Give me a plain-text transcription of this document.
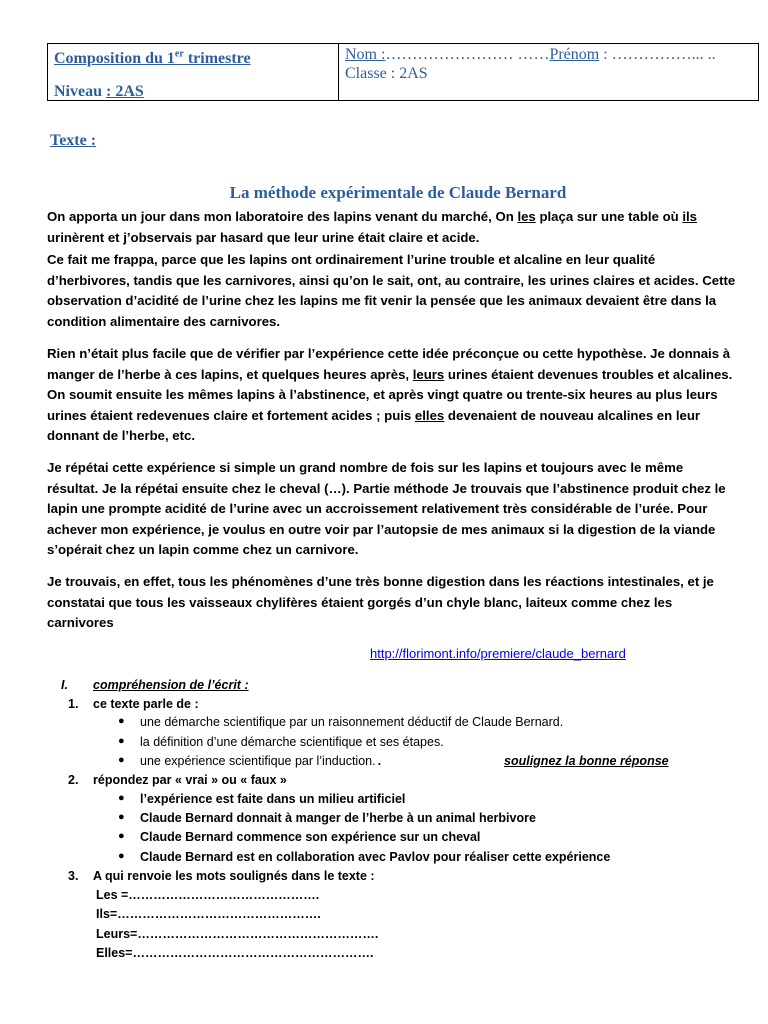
Composition du 1er trimestre
Niveau : 2AS
Nom :…………………… ……Prénom : ……………... ..
Classe : 2AS
Texte :
La méthode expérimentale de Claude Bernard
On apporta un jour dans mon laboratoire des lapins venant du marché, On les plaça sur une table où ils urinèrent et j’observais par hasard que leur urine était claire et acide.
Ce fait me frappa, parce que les lapins ont ordinairement l’urine trouble et alcaline en leur qualité d’herbivores, tandis que les carnivores, ainsi qu’on le sait, ont, au contraire, les urines claires et acides. Cette observation d’acidité de l’urine chez les lapins me fit venir la pensée que les animaux devaient être dans la condition alimentaire des carnivores.
Rien n’était plus facile que de vérifier par l’expérience cette idée préconçue ou cette hypothèse. Je donnais à manger de l’herbe à ces lapins, et quelques heures après, leurs urines étaient devenues troubles et alcalines. On soumit ensuite les mêmes lapins à l’abstinence, et après vingt quatre ou trente-six heures au plus leurs urines étaient redevenues claire et fortement acides ; puis elles devenaient de nouveau alcalines en leur donnant de l’herbe, etc.
Je répétai cette expérience si simple un grand nombre de fois sur les lapins et toujours avec le même résultat. Je la répétai ensuite chez le cheval (…). Partie méthode Je trouvais que l’abstinence produit chez le lapin une prompte acidité de l’urine avec un accroissement relativement très considérable de l’urée. Pour achever mon expérience, je voulus en outre voir par l’autopsie de mes animaux si la digestion de la viande s’opérait chez un lapin comme chez un carnivore.
Je trouvais, en effet, tous les phénomènes d’une très bonne digestion dans les réactions intestinales, et je constatai que tous les vaisseaux chylifères étaient gorgés d’un chyle blanc, laiteux comme chez les carnivores
http://florimont.info/premiere/claude_bernard
I. compréhension de l’écrit :
1. ce texte parle de :
● une démarche scientifique par un raisonnement déductif de Claude Bernard.
● la définition d’une démarche scientifique et ses étapes.
● une expérience scientifique par l’induction. .	soulignez la bonne réponse
2. répondez par « vrai » ou « faux »
● l’expérience est faite dans un milieu artificiel
● Claude Bernard donnait à manger de l’herbe à un animal herbivore
● Claude Bernard commence son expérience sur un cheval
● Claude Bernard est en collaboration avec Pavlov pour réaliser cette expérience
3. A qui renvoie les mots soulignés dans le texte :
Les =……………………………………….
Ils=………………………………………….
Leurs=………………………………………………….
Elles=………………………………………………….
